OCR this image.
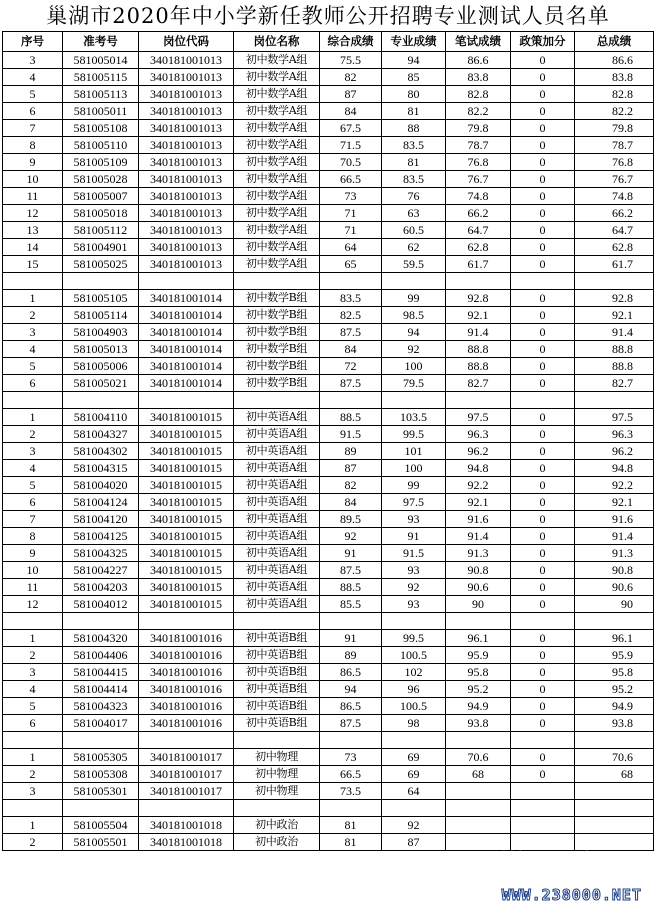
巢湖市2020年中小学新任教师公开招聘专业测试人员名单
序号	准考号	岗位代码	岗位名称	综合成绩	专业成绩	笔试成绩	政策加分	总成绩
3	581005014	340181001013	初中数学A组	75.5	94	86.6	0	86.6
4	581005115	340181001013	初中数学A组	82	85	83.8	0	83.8
5	581005113	340181001013	初中数学A组	87	80	82.8	0	82.8
6	581005011	340181001013	初中数学A组	84	81	82.2	0	82.2
7	581005108	340181001013	初中数学A组	67.5	88	79.8	0	79.8
8	581005110	340181001013	初中数学A组	71.5	83.5	78.7	0	78.7
9	581005109	340181001013	初中数学A组	70.5	81	76.8	0	76.8
10	581005028	340181001013	初中数学A组	66.5	83.5	76.7	0	76.7
11	581005007	340181001013	初中数学A组	73	76	74.8	0	74.8
12	581005018	340181001013	初中数学A组	71	63	66.2	0	66.2
13	581005112	340181001013	初中数学A组	71	60.5	64.7	0	64.7
14	581004901	340181001013	初中数学A组	64	62	62.8	0	62.8
15	581005025	340181001013	初中数学A组	65	59.5	61.7	0	61.7

1	581005105	340181001014	初中数学B组	83.5	99	92.8	0	92.8
2	581005114	340181001014	初中数学B组	82.5	98.5	92.1	0	92.1
3	581004903	340181001014	初中数学B组	87.5	94	91.4	0	91.4
4	581005013	340181001014	初中数学B组	84	92	88.8	0	88.8
5	581005006	340181001014	初中数学B组	72	100	88.8	0	88.8
6	581005021	340181001014	初中数学B组	87.5	79.5	82.7	0	82.7

1	581004110	340181001015	初中英语A组	88.5	103.5	97.5	0	97.5
2	581004327	340181001015	初中英语A组	91.5	99.5	96.3	0	96.3
3	581004302	340181001015	初中英语A组	89	101	96.2	0	96.2
4	581004315	340181001015	初中英语A组	87	100	94.8	0	94.8
5	581004020	340181001015	初中英语A组	82	99	92.2	0	92.2
6	581004124	340181001015	初中英语A组	84	97.5	92.1	0	92.1
7	581004120	340181001015	初中英语A组	89.5	93	91.6	0	91.6
8	581004125	340181001015	初中英语A组	92	91	91.4	0	91.4
9	581004325	340181001015	初中英语A组	91	91.5	91.3	0	91.3
10	581004227	340181001015	初中英语A组	87.5	93	90.8	0	90.8
11	581004203	340181001015	初中英语A组	88.5	92	90.6	0	90.6
12	581004012	340181001015	初中英语A组	85.5	93	90	0	90

1	581004320	340181001016	初中英语B组	91	99.5	96.1	0	96.1
2	581004406	340181001016	初中英语B组	89	100.5	95.9	0	95.9
3	581004415	340181001016	初中英语B组	86.5	102	95.8	0	95.8
4	581004414	340181001016	初中英语B组	94	96	95.2	0	95.2
5	581004323	340181001016	初中英语B组	86.5	100.5	94.9	0	94.9
6	581004017	340181001016	初中英语B组	87.5	98	93.8	0	93.8

1	581005305	340181001017	初中物理	73	69	70.6	0	70.6
2	581005308	340181001017	初中物理	66.5	69	68	0	68
3	581005301	340181001017	初中物理	73.5	64			

1	581005504	340181001018	初中政治	81	92			
2	581005501	340181001018	初中政治	81	87			
巢湖论坛
WWW.238000.NET
